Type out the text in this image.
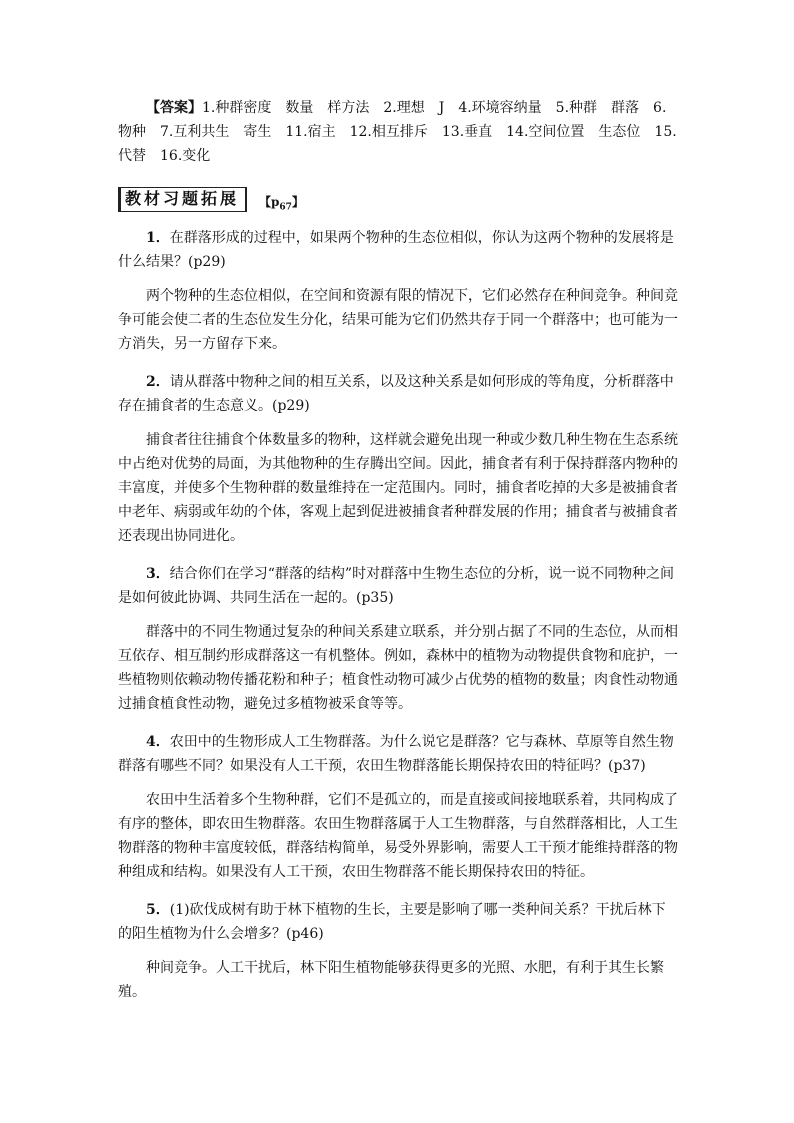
【答案】1.种群密度　数量　样方法　2.理想　J　4.环境容纳量　5.种群　群落　6.物种　7.互利共生　寄生　11.宿主　12.相互排斥　13.垂直　14.空间位置　生态位　15.代替　16.变化

教材习题拓展	【$p_{67}$】

1．在群落形成的过程中，如果两个物种的生态位相似，你认为这两个物种的发展将是什么结果？(p29)

两个物种的生态位相似，在空间和资源有限的情况下，它们必然存在种间竞争。种间竞争可能会使二者的生态位发生分化，结果可能为它们仍然共存于同一个群落中；也可能为一方消失，另一方留存下来。

2．请从群落中物种之间的相互关系，以及这种关系是如何形成的等角度，分析群落中存在捕食者的生态意义。(p29)

捕食者往往捕食个体数量多的物种，这样就会避免出现一种或少数几种生物在生态系统中占绝对优势的局面，为其他物种的生存腾出空间。因此，捕食者有利于保持群落内物种的丰富度，并使多个生物种群的数量维持在一定范围内。同时，捕食者吃掉的大多是被捕食者中老年、病弱或年幼的个体，客观上起到促进被捕食者种群发展的作用；捕食者与被捕食者还表现出协同进化。

3．结合你们在学习“群落的结构”时对群落中生物生态位的分析，说一说不同物种之间是如何彼此协调、共同生活在一起的。(p35)

群落中的不同生物通过复杂的种间关系建立联系，并分别占据了不同的生态位，从而相互依存、相互制约形成群落这一有机整体。例如，森林中的植物为动物提供食物和庇护，一些植物则依赖动物传播花粉和种子；植食性动物可减少占优势的植物的数量；肉食性动物通过捕食植食性动物，避免过多植物被采食等等。

4．农田中的生物形成人工生物群落。为什么说它是群落？它与森林、草原等自然生物群落有哪些不同？如果没有人工干预，农田生物群落能长期保持农田的特征吗？(p37)

农田中生活着多个生物种群，它们不是孤立的，而是直接或间接地联系着，共同构成了有序的整体，即农田生物群落。农田生物群落属于人工生物群落，与自然群落相比，人工生物群落的物种丰富度较低，群落结构简单，易受外界影响，需要人工干预才能维持群落的物种组成和结构。如果没有人工干预，农田生物群落不能长期保持农田的特征。

5．(1)砍伐成树有助于林下植物的生长，主要是影响了哪一类种间关系？干扰后林下的阳生植物为什么会增多？(p46)

种间竞争。人工干扰后，林下阳生植物能够获得更多的光照、水肥，有利于其生长繁殖。
